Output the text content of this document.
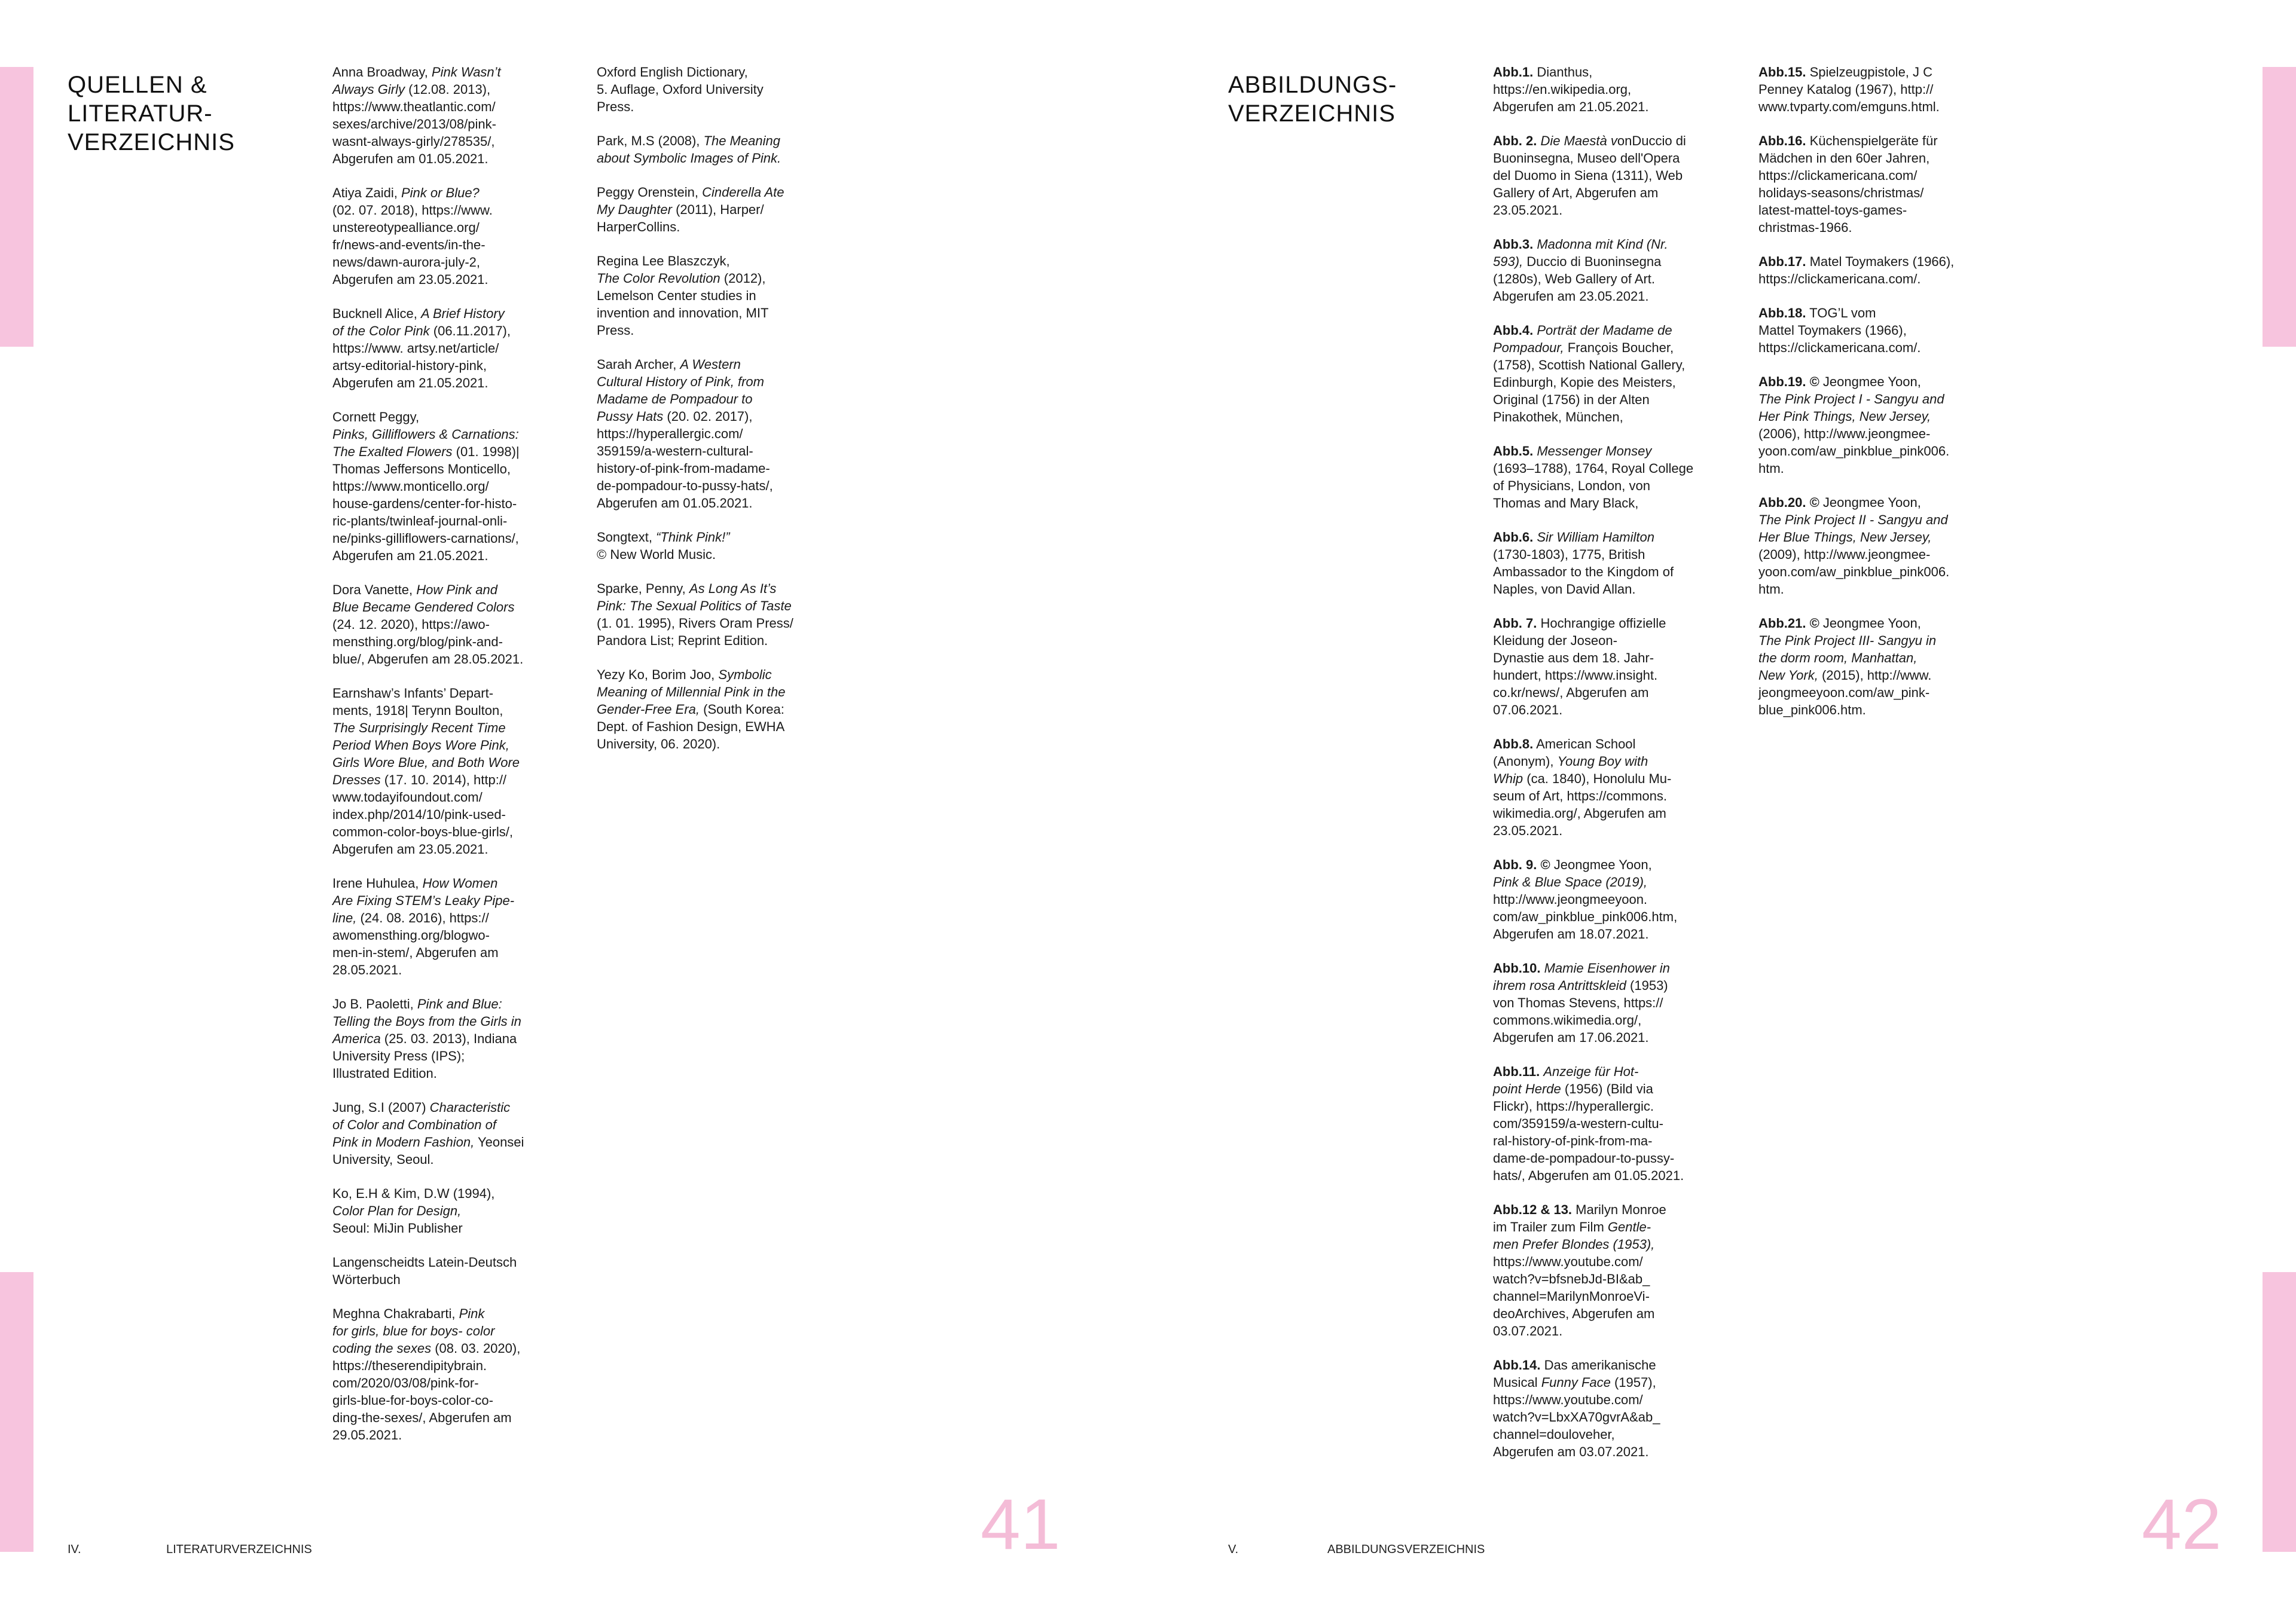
QUELLEN &
LITERATUR-
VERZEICHNIS
Anna Broadway, Pink Wasn’t
Always Girly (12.08. 2013),
https://www.theatlantic.com/
sexes/archive/2013/08/pink-
wasnt-always-girly/278535/,
Abgerufen am 01.05.2021.
Atiya Zaidi, Pink or Blue?
(02. 07. 2018), https://www.
unstereotypealliance.org/
fr/news-and-events/in-the-
news/dawn-aurora-july-2,
Abgerufen am 23.05.2021.
Bucknell Alice, A Brief History
of the Color Pink (06.11.2017),
https://www. artsy.net/article/
artsy-editorial-history-pink,
Abgerufen am 21.05.2021.
Cornett Peggy,
Pinks, Gilliflowers & Carnations:
The Exalted Flowers (01. 1998)|
Thomas Jeffersons Monticello,
https://www.monticello.org/
house-gardens/center-for-histo-
ric-plants/twinleaf-journal-onli-
ne/pinks-gilliflowers-carnations/,
Abgerufen am 21.05.2021.
Dora Vanette, How Pink and
Blue Became Gendered Colors
(24. 12. 2020), https://awo-
mensthing.org/blog/pink-and-
blue/, Abgerufen am 28.05.2021.
Earnshaw’s Infants’ Depart-
ments, 1918| Terynn Boulton,
The Surprisingly Recent Time
Period When Boys Wore Pink,
Girls Wore Blue, and Both Wore
Dresses (17. 10. 2014), http://
www.todayifoundout.com/
index.php/2014/10/pink-used-
common-color-boys-blue-girls/,
Abgerufen am 23.05.2021.
Irene Huhulea, How Women
Are Fixing STEM’s Leaky Pipe-
line, (24. 08. 2016), https://
awomensthing.org/blogwo-
men-in-stem/, Abgerufen am
28.05.2021.
Jo B. Paoletti, Pink and Blue:
Telling the Boys from the Girls in
America (25. 03. 2013), Indiana
University Press (IPS);
Illustrated Edition.
Jung, S.I (2007) Characteristic
of Color and Combination of
Pink in Modern Fashion, Yeonsei
University, Seoul.
Ko, E.H & Kim, D.W (1994),
Color Plan for Design,
Seoul: MiJin Publisher
Langenscheidts Latein-Deutsch
Wörterbuch
Meghna Chakrabarti, Pink
for girls, blue for boys- color
coding the sexes (08. 03. 2020),
https://theserendipitybrain.
com/2020/03/08/pink-for-
girls-blue-for-boys-color-co-
ding-the-sexes/, Abgerufen am
29.05.2021.
Oxford English Dictionary,
5. Auflage, Oxford University
Press.
Park, M.S (2008), The Meaning
about Symbolic Images of Pink.
Peggy Orenstein, Cinderella Ate
My Daughter (2011), Harper/
HarperCollins.
Regina Lee Blaszczyk,
The Color Revolution (2012),
Lemelson Center studies in
invention and innovation, MIT
Press.
Sarah Archer, A Western
Cultural History of Pink, from
Madame de Pompadour to
Pussy Hats (20. 02. 2017),
https://hyperallergic.com/
359159/a-western-cultural-
history-of-pink-from-madame-
de-pompadour-to-pussy-hats/,
Abgerufen am 01.05.2021.
Songtext, “Think Pink!”
© New World Music.
Sparke, Penny, As Long As It’s
Pink: The Sexual Politics of Taste
(1. 01. 1995), Rivers Oram Press/
Pandora List; Reprint Edition.
Yezy Ko, Borim Joo, Symbolic
Meaning of Millennial Pink in the
Gender-Free Era, (South Korea:
Dept. of Fashion Design, EWHA
University, 06. 2020).
IV.	LITERATURVERZEICHNIS	41
ABBILDUNGS-
VERZEICHNIS
Abb.1. Dianthus,
https://en.wikipedia.org,
Abgerufen am 21.05.2021.
Abb. 2. Die Maestà vonDuccio di
Buoninsegna, Museo dell'Opera
del Duomo in Siena (1311), Web
Gallery of Art, Abgerufen am
23.05.2021.
Abb.3. Madonna mit Kind (Nr.
593), Duccio di Buoninsegna
(1280s), Web Gallery of Art.
Abgerufen am 23.05.2021.
Abb.4. Porträt der Madame de
Pompadour, François Boucher,
(1758), Scottish National Gallery,
Edinburgh, Kopie des Meisters,
Original (1756) in der Alten
Pinakothek, München,
Abb.5. Messenger Monsey
(1693–1788), 1764, Royal College
of Physicians, London, von
Thomas and Mary Black,
Abb.6. Sir William Hamilton
(1730-1803), 1775, British
Ambassador to the Kingdom of
Naples, von David Allan.
Abb. 7. Hochrangige offizielle
Kleidung der Joseon-
Dynastie aus dem 18. Jahr-
hundert, https://www.insight.
co.kr/news/, Abgerufen am
07.06.2021.
Abb.8. American School
(Anonym), Young Boy with
Whip (ca. 1840), Honolulu Mu-
seum of Art, https://commons.
wikimedia.org/, Abgerufen am
23.05.2021.
Abb. 9. © Jeongmee Yoon,
Pink & Blue Space (2019),
http://www.jeongmeeyoon.
com/aw_pinkblue_pink006.htm,
Abgerufen am 18.07.2021.
Abb.10. Mamie Eisenhower in
ihrem rosa Antrittskleid (1953)
von Thomas Stevens, https://
commons.wikimedia.org/,
Abgerufen am 17.06.2021.
Abb.11. Anzeige für Hot-
point Herde (1956) (Bild via
Flickr), https://hyperallergic.
com/359159/a-western-cultu-
ral-history-of-pink-from-ma-
dame-de-pompadour-to-pussy-
hats/, Abgerufen am 01.05.2021.
Abb.12 & 13. Marilyn Monroe
im Trailer zum Film Gentle-
men Prefer Blondes (1953),
https://www.youtube.com/
watch?v=bfsnebJd-BI&ab_
channel=MarilynMonroeVi-
deoArchives, Abgerufen am
03.07.2021.
Abb.14. Das amerikanische
Musical Funny Face (1957),
https://www.youtube.com/
watch?v=LbxXA70gvrA&ab_
channel=douloveher,
Abgerufen am 03.07.2021.
Abb.15. Spielzeugpistole, J C
Penney Katalog (1967), http://
www.tvparty.com/emguns.html.
Abb.16. Küchenspielgeräte für
Mädchen in den 60er Jahren,
https://clickamericana.com/
holidays-seasons/christmas/
latest-mattel-toys-games-
christmas-1966.
Abb.17. Matel Toymakers (1966),
https://clickamericana.com/.
Abb.18. TOG’L vom
Mattel Toymakers (1966),
https://clickamericana.com/.
Abb.19. © Jeongmee Yoon,
The Pink Project I - Sangyu and
Her Pink Things, New Jersey,
(2006), http://www.jeongmee-
yoon.com/aw_pinkblue_pink006.
htm.
Abb.20. © Jeongmee Yoon,
The Pink Project II - Sangyu and
Her Blue Things, New Jersey,
(2009), http://www.jeongmee-
yoon.com/aw_pinkblue_pink006.
htm.
Abb.21. © Jeongmee Yoon,
The Pink Project III- Sangyu in
the dorm room, Manhattan,
New York, (2015), http://www.
jeongmeeyoon.com/aw_pink-
blue_pink006.htm.
V.	ABBILDUNGSVERZEICHNIS	42
